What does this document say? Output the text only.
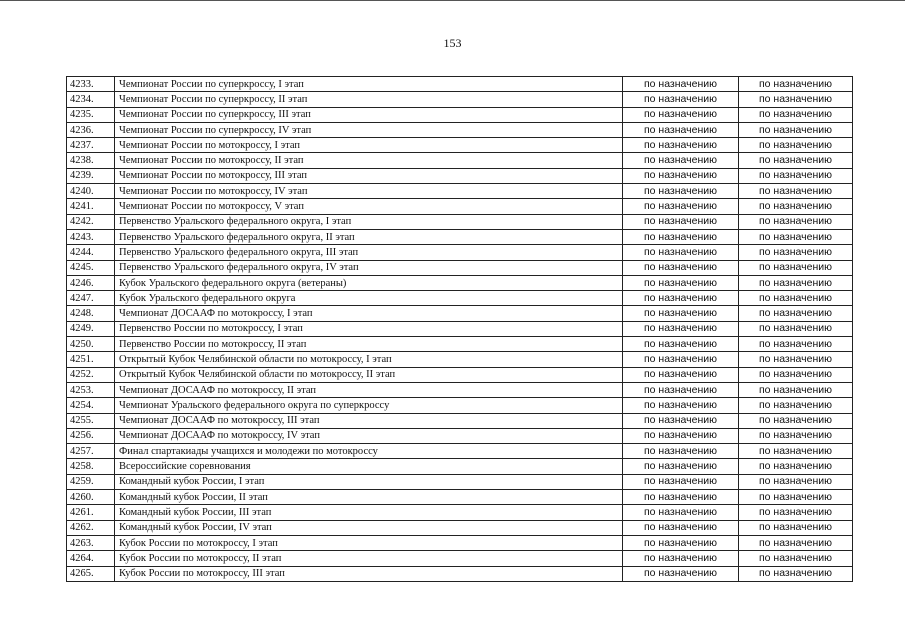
153
4233.	Чемпионат России по суперкроссу, I этап	по назначению	по назначению
4234.	Чемпионат России по суперкроссу, II этап	по назначению	по назначению
4235.	Чемпионат России по суперкроссу, III этап	по назначению	по назначению
4236.	Чемпионат России по суперкроссу, IV этап	по назначению	по назначению
4237.	Чемпионат России по мотокроссу, I этап	по назначению	по назначению
4238.	Чемпионат России по мотокроссу, II этап	по назначению	по назначению
4239.	Чемпионат России по мотокроссу, III этап	по назначению	по назначению
4240.	Чемпионат России по мотокроссу, IV этап	по назначению	по назначению
4241.	Чемпионат России по мотокроссу, V этап	по назначению	по назначению
4242.	Первенство Уральского федерального округа, I этап	по назначению	по назначению
4243.	Первенство Уральского федерального округа, II этап	по назначению	по назначению
4244.	Первенство Уральского федерального округа, III этап	по назначению	по назначению
4245.	Первенство Уральского федерального округа, IV этап	по назначению	по назначению
4246.	Кубок Уральского федерального округа (ветераны)	по назначению	по назначению
4247.	Кубок Уральского федерального округа	по назначению	по назначению
4248.	Чемпионат ДОСААФ по мотокроссу, I этап	по назначению	по назначению
4249.	Первенство России по мотокроссу, I этап	по назначению	по назначению
4250.	Первенство России по мотокроссу, II этап	по назначению	по назначению
4251.	Открытый Кубок Челябинской области по мотокроссу, I этап	по назначению	по назначению
4252.	Открытый Кубок Челябинской области по мотокроссу, II этап	по назначению	по назначению
4253.	Чемпионат ДОСААФ по мотокроссу, II этап	по назначению	по назначению
4254.	Чемпионат Уральского федерального округа по суперкроссу	по назначению	по назначению
4255.	Чемпионат ДОСААФ по мотокроссу, III этап	по назначению	по назначению
4256.	Чемпионат ДОСААФ по мотокроссу, IV этап	по назначению	по назначению
4257.	Финал спартакиады учащихся и молодежи по мотокроссу	по назначению	по назначению
4258.	Всероссийские соревнования	по назначению	по назначению
4259.	Командный кубок России, I этап	по назначению	по назначению
4260.	Командный кубок России, II этап	по назначению	по назначению
4261.	Командный кубок России, III этап	по назначению	по назначению
4262.	Командный кубок России, IV этап	по назначению	по назначению
4263.	Кубок России по мотокроссу, I этап	по назначению	по назначению
4264.	Кубок России по мотокроссу, II этап	по назначению	по назначению
4265.	Кубок России по мотокроссу, III этап	по назначению	по назначению
